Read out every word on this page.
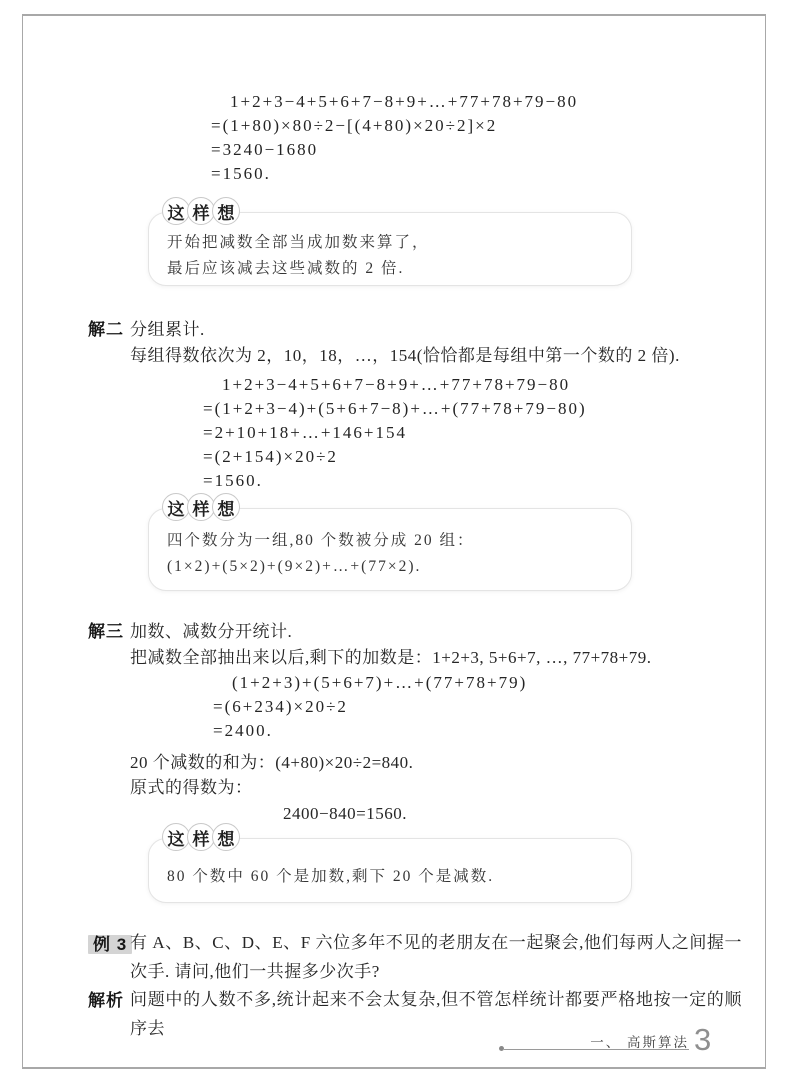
1+2+3−4+5+6+7−8+9+…+77+78+79−80
=(1+80)×80÷2−[(4+80)×20÷2]×2
=3240−1680
=1560.
这 样 想
开始把减数全部当成加数来算了，
最后应该减去这些减数的 2 倍.
解二 分组累计.
每组得数依次为 2，10，18，…，154(恰恰都是每组中第一个数的 2 倍).
1+2+3−4+5+6+7−8+9+…+77+78+79−80
=(1+2+3−4)+(5+6+7−8)+…+(77+78+79−80)
=2+10+18+…+146+154
=(2+154)×20÷2
=1560.
这 样 想
四个数分为一组,80 个数被分成 20 组：
(1×2)+(5×2)+(9×2)+…+(77×2).
解三 加数、减数分开统计.
把减数全部抽出来以后,剩下的加数是：1+2+3, 5+6+7, …, 77+78+79.
(1+2+3)+(5+6+7)+…+(77+78+79)
=(6+234)×20÷2
=2400.
20 个减数的和为：(4+80)×20÷2=840.
原式的得数为：
2400−840=1560.
这 样 想
80 个数中 60 个是加数,剩下 20 个是减数.
例 3 有 A、B、C、D、E、F 六位多年不见的老朋友在一起聚会,他们每两人之间握一次手. 请问,他们一共握多少次手?
解析 问题中的人数不多,统计起来不会太复杂,但不管怎样统计都要严格地按一定的顺序去
一、 高斯算法 3
